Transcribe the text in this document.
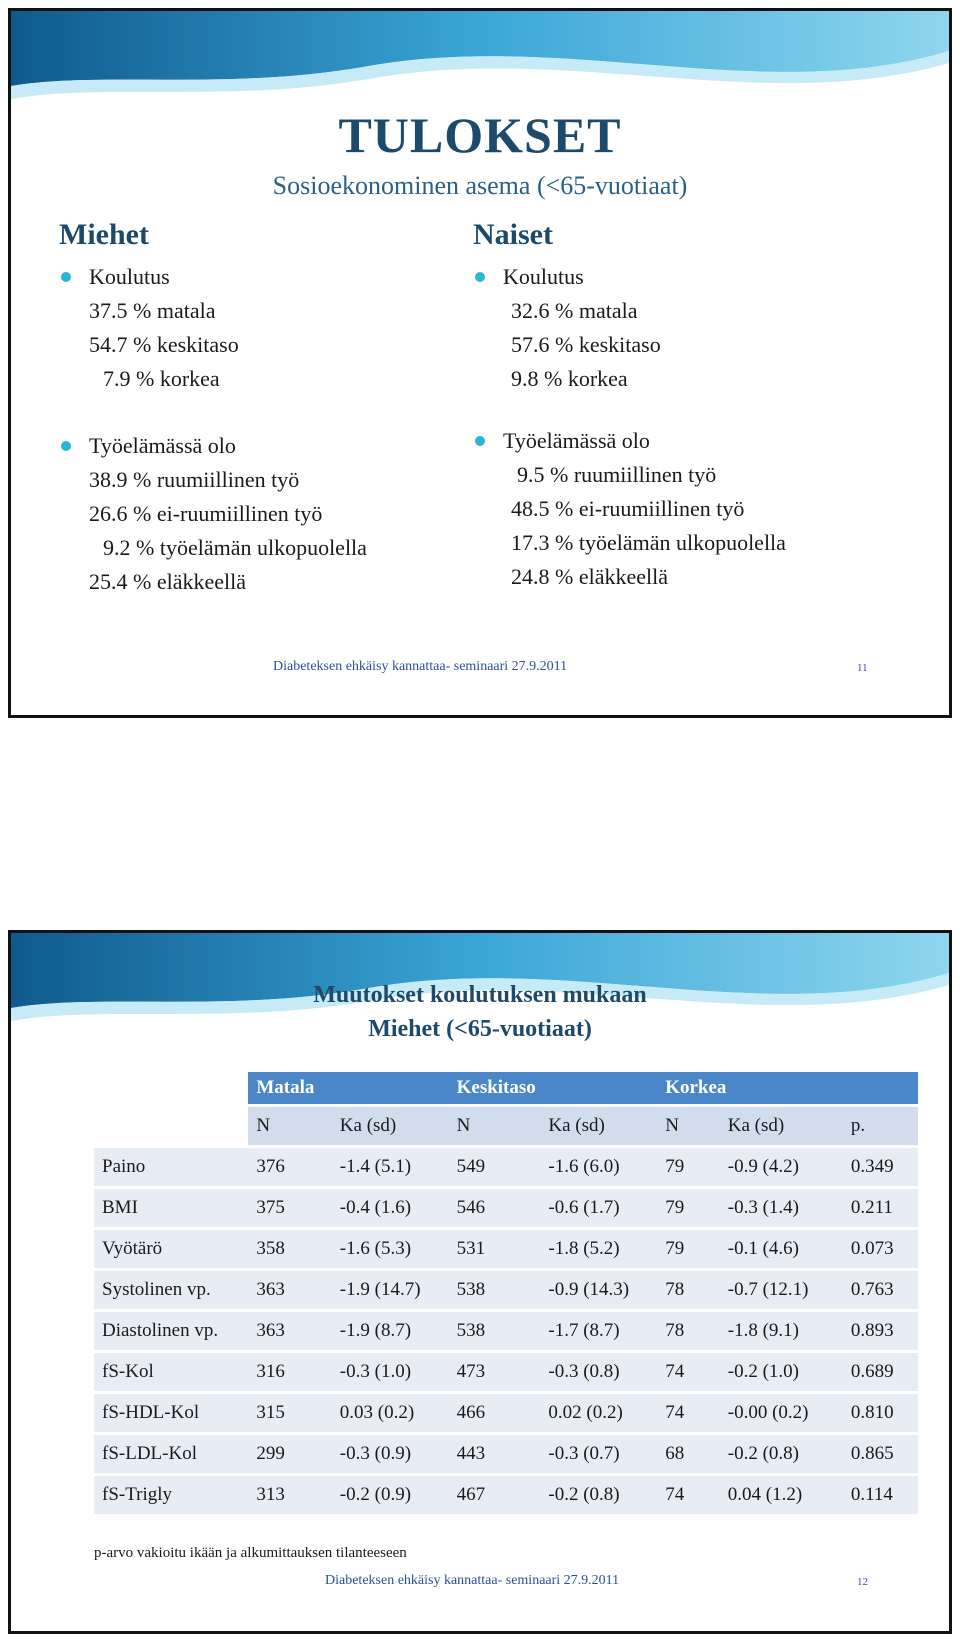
TULOKSET
Sosioekonominen asema (<65-vuotiaat)
Miehet	Naiset
Koulutus
37.5 % matala
54.7 % keskitaso
7.9 % korkea
Työelämässä olo
38.9 % ruumiillinen työ
26.6 % ei-ruumiillinen työ
9.2 % työelämän ulkopuolella
25.4 % eläkkeellä
Koulutus
32.6 % matala
57.6 % keskitaso
9.8 % korkea
Työelämässä olo
9.5 % ruumiillinen työ
48.5 % ei-ruumiillinen työ
17.3 % työelämän ulkopuolella
24.8 % eläkkeellä
Diabeteksen ehkäisy kannattaa- seminaari 27.9.2011	11
Muutokset koulutuksen mukaan
Miehet (<65-vuotiaat)
	Matala		Keskitaso		Korkea		
	N	Ka (sd)	N	Ka (sd)	N	Ka (sd)	p.
Paino	376	-1.4 (5.1)	549	-1.6 (6.0)	79	-0.9 (4.2)	0.349
BMI	375	-0.4 (1.6)	546	-0.6 (1.7)	79	-0.3 (1.4)	0.211
Vyötärö	358	-1.6 (5.3)	531	-1.8 (5.2)	79	-0.1 (4.6)	0.073
Systolinen vp.	363	-1.9 (14.7)	538	-0.9 (14.3)	78	-0.7 (12.1)	0.763
Diastolinen vp.	363	-1.9 (8.7)	538	-1.7 (8.7)	78	-1.8 (9.1)	0.893
fS-Kol	316	-0.3 (1.0)	473	-0.3 (0.8)	74	-0.2 (1.0)	0.689
fS-HDL-Kol	315	0.03 (0.2)	466	0.02 (0.2)	74	-0.00 (0.2)	0.810
fS-LDL-Kol	299	-0.3 (0.9)	443	-0.3 (0.7)	68	-0.2 (0.8)	0.865
fS-Trigly	313	-0.2 (0.9)	467	-0.2 (0.8)	74	0.04 (1.2)	0.114
p-arvo vakioitu ikään ja alkumittauksen tilanteeseen
Diabeteksen ehkäisy kannattaa- seminaari 27.9.2011	12
